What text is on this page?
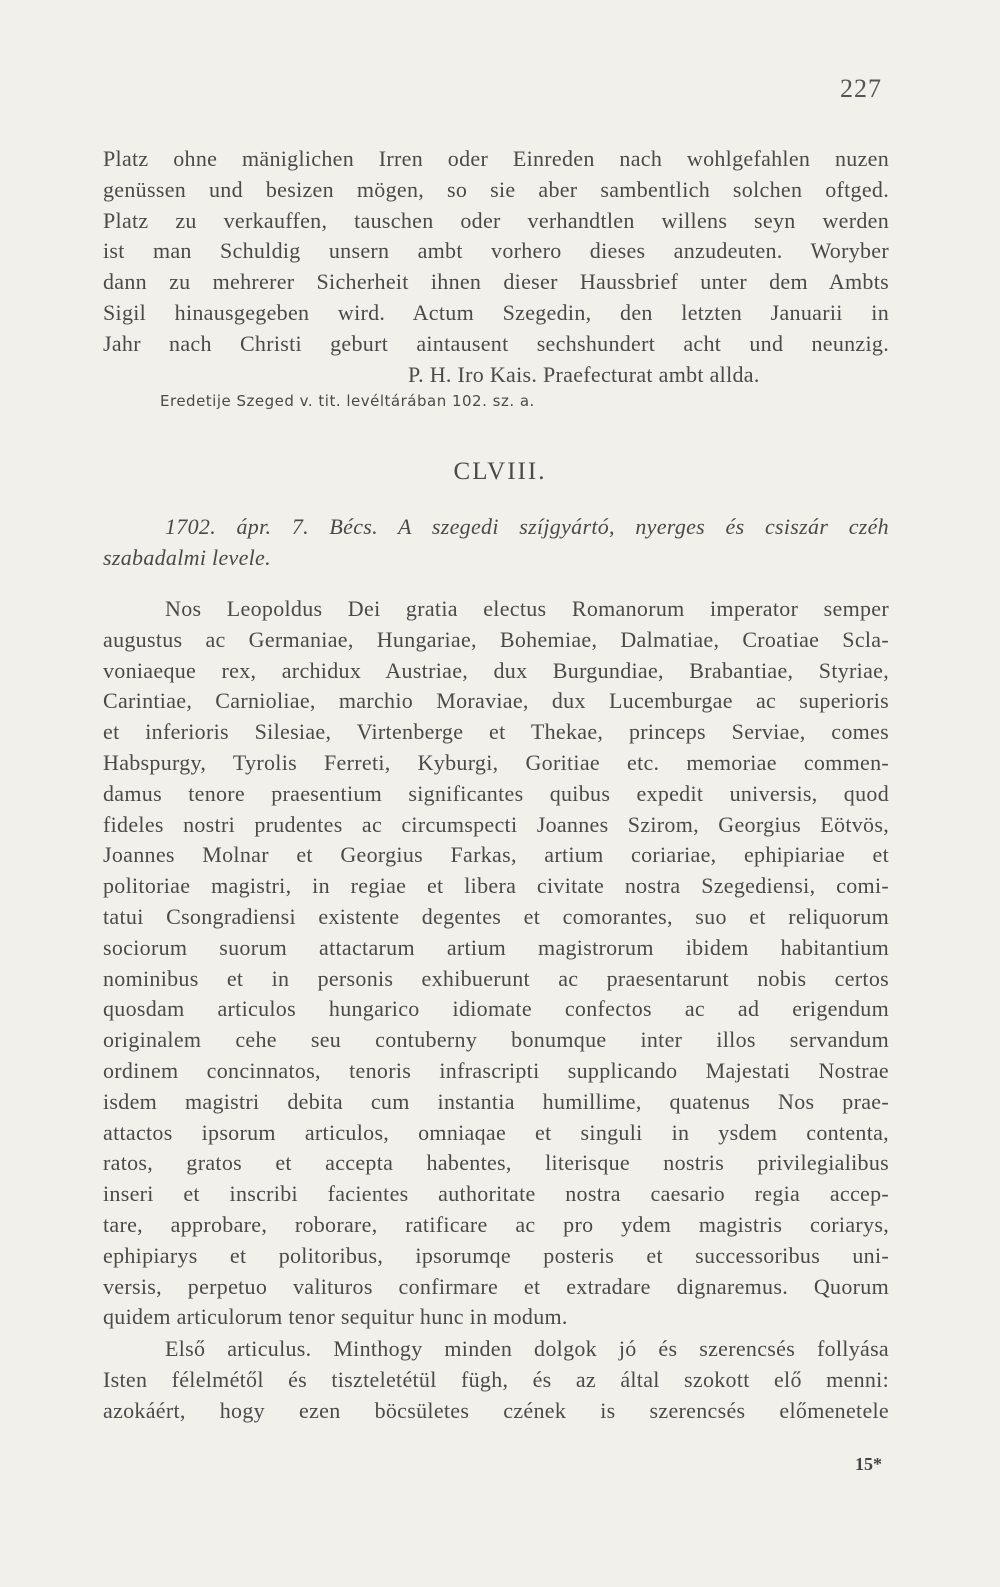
227
Platz ohne mäniglichen Irren oder Einreden nach wohlgefahlen nuzen
genüssen und besizen mögen, so sie aber sambentlich solchen oftged.
Platz zu verkauffen, tauschen oder verhandtlen willens seyn werden
ist man Schuldig unsern ambt vorhero dieses anzudeuten. Woryber
dann zu mehrerer Sicherheit ihnen dieser Haussbrief unter dem Ambts
Sigil hinausgegeben wird. Actum Szegedin, den letzten Januarii in
Jahr nach Christi geburt aintausent sechshundert acht und neunzig.
P. H. Iro Kais. Praefecturat ambt allda.
Eredetije Szeged v. tit. levéltárában 102. sz. a.
CLVIII.
1702. ápr. 7. Bécs. A szegedi szíjgyártó, nyerges és csiszár czéh
szabadalmi levele.
Nos Leopoldus Dei gratia electus Romanorum imperator semper
augustus ac Germaniae, Hungariae, Bohemiae, Dalmatiae, Croatiae Scla-
voniaeque rex, archidux Austriae, dux Burgundiae, Brabantiae, Styriae,
Carintiae, Carnioliae, marchio Moraviae, dux Lucemburgae ac superioris
et inferioris Silesiae, Virtenberge et Thekae, princeps Serviae, comes
Habspurgy, Tyrolis Ferreti, Kyburgi, Goritiae etc. memoriae commen-
damus tenore praesentium significantes quibus expedit universis, quod
fideles nostri prudentes ac circumspecti Joannes Szirom, Georgius Eötvös,
Joannes Molnar et Georgius Farkas, artium coriariae, ephipiariae et
politoriae magistri, in regiae et libera civitate nostra Szegediensi, comi-
tatui Csongradiensi existente degentes et comorantes, suo et reliquorum
sociorum suorum attactarum artium magistrorum ibidem habitantium
nominibus et in personis exhibuerunt ac praesentarunt nobis certos
quosdam articulos hungarico idiomate confectos ac ad erigendum
originalem cehe seu contuberny bonumque inter illos servandum
ordinem concinnatos, tenoris infrascripti supplicando Majestati Nostrae
isdem magistri debita cum instantia humillime, quatenus Nos prae-
attactos ipsorum articulos, omniaqae et singuli in ysdem contenta,
ratos, gratos et accepta habentes, literisque nostris privilegialibus
inseri et inscribi facientes authoritate nostra caesario regia accep-
tare, approbare, roborare, ratificare ac pro ydem magistris coriarys,
ephipiarys et politoribus, ipsorumqe posteris et successoribus uni-
versis, perpetuo valituros confirmare et extradare dignaremus. Quorum
quidem articulorum tenor sequitur hunc in modum.
Első articulus. Minthogy minden dolgok jó és szerencsés follyása
Isten félelmétől és tiszteletétül fügh, és az által szokott elő menni:
azokáért, hogy ezen böcsületes czének is szerencsés előmenetele
15*
